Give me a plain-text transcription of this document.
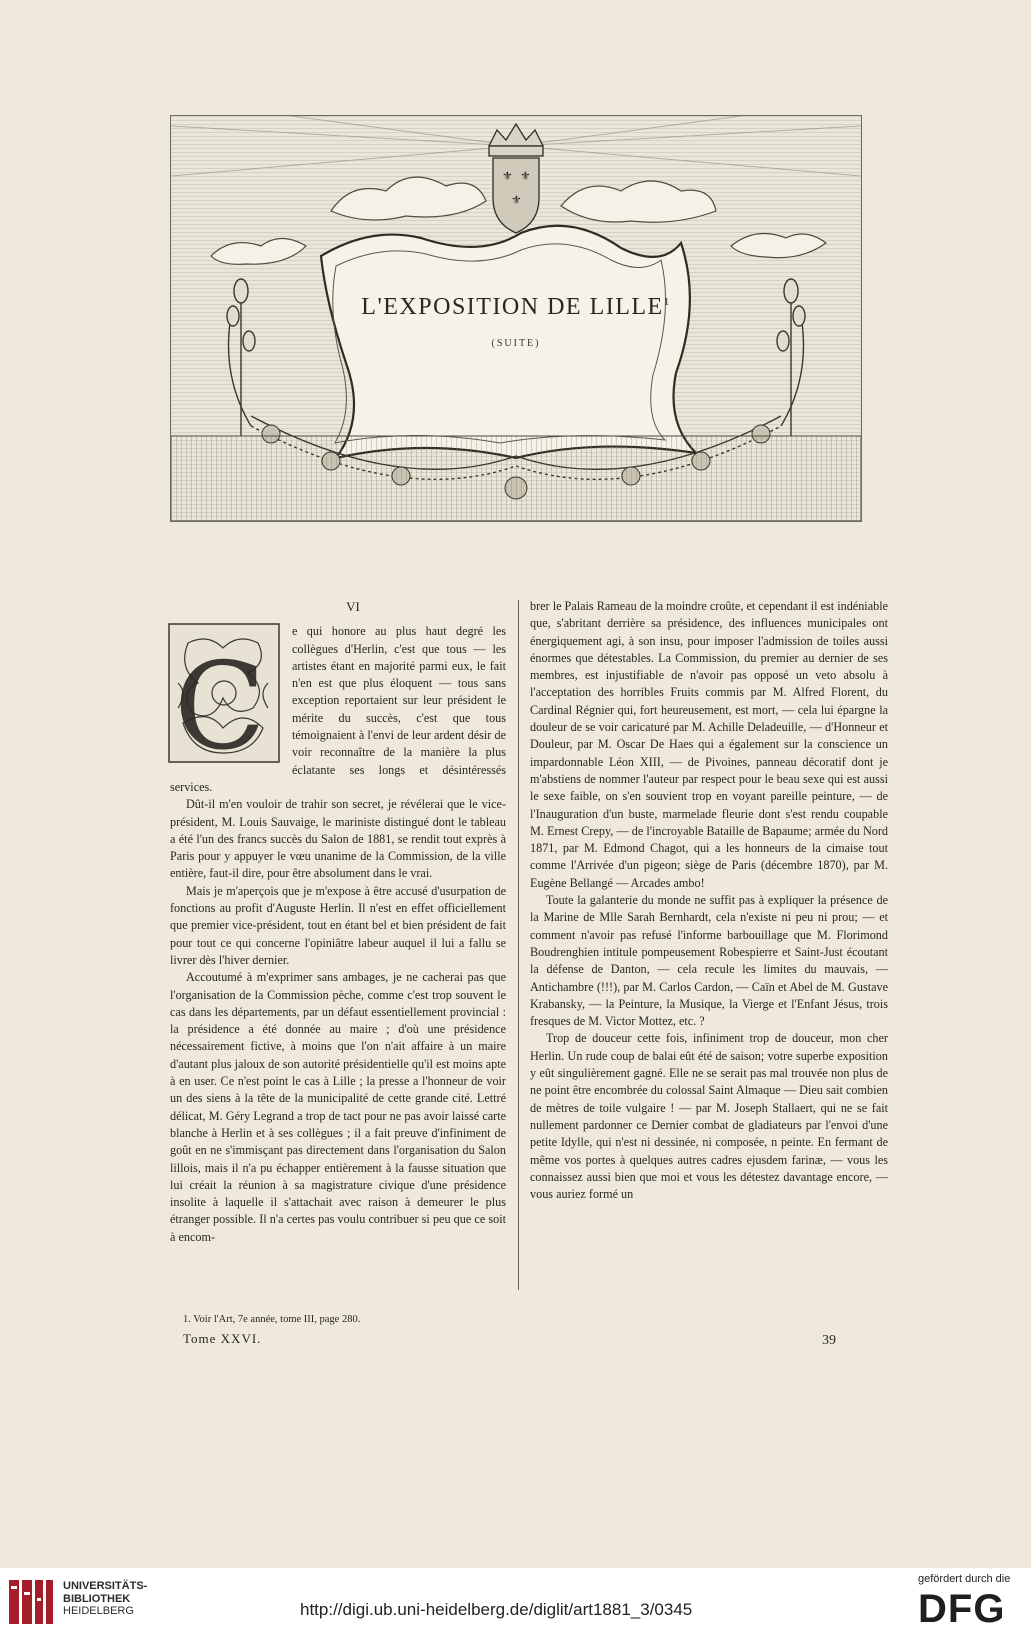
⚜ ⚜
⚜
L'EXPOSITION DE LILLE$^1$
(SUITE)
VI
C

e qui honore au plus haut degré les collègues d'Herlin, c'est que tous — les artistes étant en majorité parmi eux, le fait n'en est que plus éloquent — tous sans exception reportaient sur leur président le mérite du succès, c'est que tous témoignaient à l'envi de leur ardent désir de voir reconnaître de la manière la plus éclatante ses longs et désintéressés services.

Dût-il m'en vouloir de trahir son secret, je révélerai que le vice-président, M. Louis Sauvaige, le mariniste distingué dont le tableau a été l'un des francs succès du Salon de 1881, se rendit tout exprès à Paris pour y appuyer le vœu unanime de la Commission, de la ville entière, faut-il dire, pour être absolument dans le vrai.

Mais je m'aperçois que je m'expose à être accusé d'usurpation de fonctions au profit d'Auguste Herlin. Il n'est en effet officiellement que premier vice-président, tout en étant bel et bien président de fait pour tout ce qui concerne l'opiniâtre labeur auquel il lui a fallu se livrer dès l'hiver dernier.

Accoutumé à m'exprimer sans ambages, je ne cacherai pas que l'organisation de la Commission pèche, comme c'est trop souvent le cas dans les départements, par un défaut essentiellement provincial : la présidence a été donnée au maire ; d'où une présidence nécessairement fictive, à moins que l'on n'ait affaire à un maire d'autant plus jaloux de son autorité présidentielle qu'il est moins apte à en user. Ce n'est point le cas à Lille ; la presse a l'honneur de voir un des siens à la tête de la municipalité de cette grande cité. Lettré délicat, M. Géry Legrand a trop de tact pour ne pas avoir laissé carte blanche à Herlin et à ses collègues ; il a fait preuve d'infiniment de goût en ne s'immisçant pas directement dans l'organisation du Salon lillois, mais il n'a pu échapper entièrement à la fausse situation que lui créait la réunion à sa magistrature civique d'une présidence insolite à laquelle il s'attachait avec raison à demeurer le plus étranger possible. Il n'a certes pas voulu contribuer si peu que ce soit à encom-

brer le Palais Rameau de la moindre croûte, et cependant il est indéniable que, s'abritant derrière sa présidence, des influences municipales ont énergiquement agi, à son insu, pour imposer l'admission de toiles aussi énormes que détestables. La Commission, du premier au dernier de ses membres, est injustifiable de n'avoir pas opposé un veto absolu à l'acceptation des horribles Fruits commis par M. Alfred Florent, du Cardinal Régnier qui, fort heureusement, est mort, — cela lui épargne la douleur de se voir caricaturé par M. Achille Deladeuille, — d'Honneur et Douleur, par M. Oscar De Haes qui a également sur la conscience un impardonnable Léon XIII, — de Pivoines, panneau décoratif dont je m'abstiens de nommer l'auteur par respect pour le beau sexe qui est aussi le sexe faible, on s'en souvient trop en voyant pareille peinture, — de l'Inauguration d'un buste, marmelade fleurie dont s'est rendu coupable M. Ernest Crepy, — de l'incroyable Bataille de Bapaume; armée du Nord 1871, par M. Edmond Chagot, qui a les honneurs de la cimaise tout comme l'Arrivée d'un pigeon; siège de Paris (décembre 1870), par M. Eugène Bellangé — Arcades ambo!

Toute la galanterie du monde ne suffit pas à expliquer la présence de la Marine de Mlle Sarah Bernhardt, cela n'existe ni peu ni prou; — et comment n'avoir pas refusé l'informe barbouillage que M. Florimond Boudrenghien intitule pompeusement Robespierre et Saint-Just écoutant la défense de Danton, — cela recule les limites du mauvais, — Antichambre (!!!), par M. Carlos Cardon, — Caïn et Abel de M. Gustave Krabansky, — la Peinture, la Musique, la Vierge et l'Enfant Jésus, trois fresques de M. Victor Mottez, etc. ?

Trop de douceur cette fois, infiniment trop de douceur, mon cher Herlin. Un rude coup de balai eût été de saison; votre superbe exposition y eût singulièrement gagné. Elle ne se serait pas mal trouvée non plus de ne point être encombrée du colossal Saint Almaque — Dieu sait combien de mètres de toile vulgaire ! — par M. Joseph Stallaert, qui ne se fait nullement pardonner ce Dernier combat de gladiateurs par l'envoi d'une petite Idylle, qui n'est ni dessinée, ni composée, n peinte. En fermant de même vos portes à quelques autres cadres ejusdem farinæ, — vous les connaissez aussi bien que moi et vous les détestez davantage encore, — vous auriez formé un

1. Voir l'Art, 7e année, tome III, page 280.
Tome XXVI.	39
UNIVERSITÄTS-
BIBLIOTHEK
HEIDELBERG	http://digi.ub.uni-heidelberg.de/diglit/art1881_3/0345
gefördert durch die
DFG
